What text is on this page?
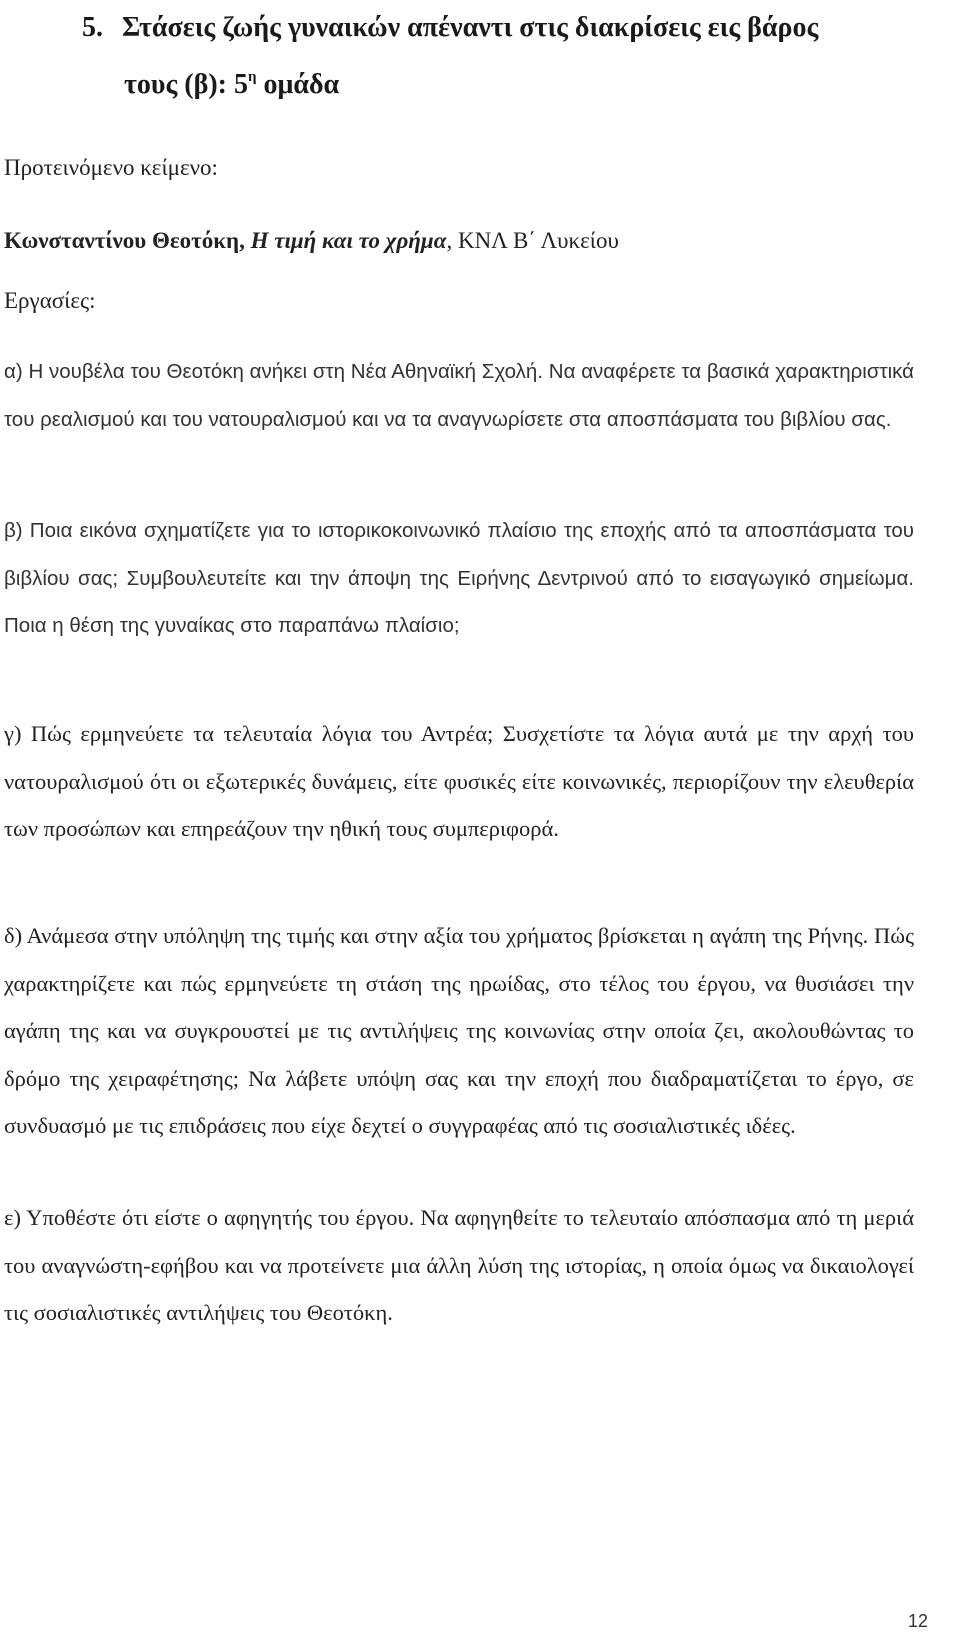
5. Στάσεις ζωής γυναικών απέναντι στις διακρίσεις εις βάρος
τους (β): $5^\eta$ ομάδα
Προτεινόμενο κείμενο:
Κωνσταντίνου Θεοτόκη, Η τιμή και το χρήμα, ΚΝΛ Β΄ Λυκείου
Εργασίες:

α) Η νουβέλα του Θεοτόκη ανήκει στη Νέα Αθηναϊκή Σχολή. Να αναφέρετε τα βασικά χαρακτηριστικά του ρεαλισμού και του νατουραλισμού και να τα αναγνωρίσετε στα αποσπάσματα του βιβλίου σας.

β) Ποια εικόνα σχηματίζετε για το ιστορικοκοινωνικό πλαίσιο της εποχής από τα αποσπάσματα του βιβλίου σας; Συμβουλευτείτε και την άποψη της Ειρήνης Δεντρινού από το εισαγωγικό σημείωμα. Ποια η θέση της γυναίκας στο παραπάνω πλαίσιο;

γ) Πώς ερμηνεύετε τα τελευταία λόγια του Αντρέα; Συσχετίστε τα λόγια αυτά με την αρχή του νατουραλισμού ότι οι εξωτερικές δυνάμεις, είτε φυσικές είτε κοινωνικές, περιορίζουν την ελευθερία των προσώπων και επηρεάζουν την ηθική τους συμπεριφορά.

δ) Ανάμεσα στην υπόληψη της τιμής και στην αξία του χρήματος βρίσκεται η αγάπη της Ρήνης. Πώς χαρακτηρίζετε και πώς ερμηνεύετε τη στάση της ηρωίδας, στο τέλος του έργου, να θυσιάσει την αγάπη της και να συγκρουστεί με τις αντιλήψεις της κοινωνίας στην οποία ζει, ακολουθώντας το δρόμο της χειραφέτησης; Να λάβετε υπόψη σας και την εποχή που διαδραματίζεται το έργο, σε συνδυασμό με τις επιδράσεις που είχε δεχτεί ο συγγραφέας από τις σοσιαλιστικές ιδέες.

ε) Υποθέστε ότι είστε ο αφηγητής του έργου. Να αφηγηθείτε το τελευταίο απόσπασμα από τη μεριά του αναγνώστη-εφήβου και να προτείνετε μια άλλη λύση της ιστορίας, η οποία όμως να δικαιολογεί τις σοσιαλιστικές αντιλήψεις του Θεοτόκη.

12
